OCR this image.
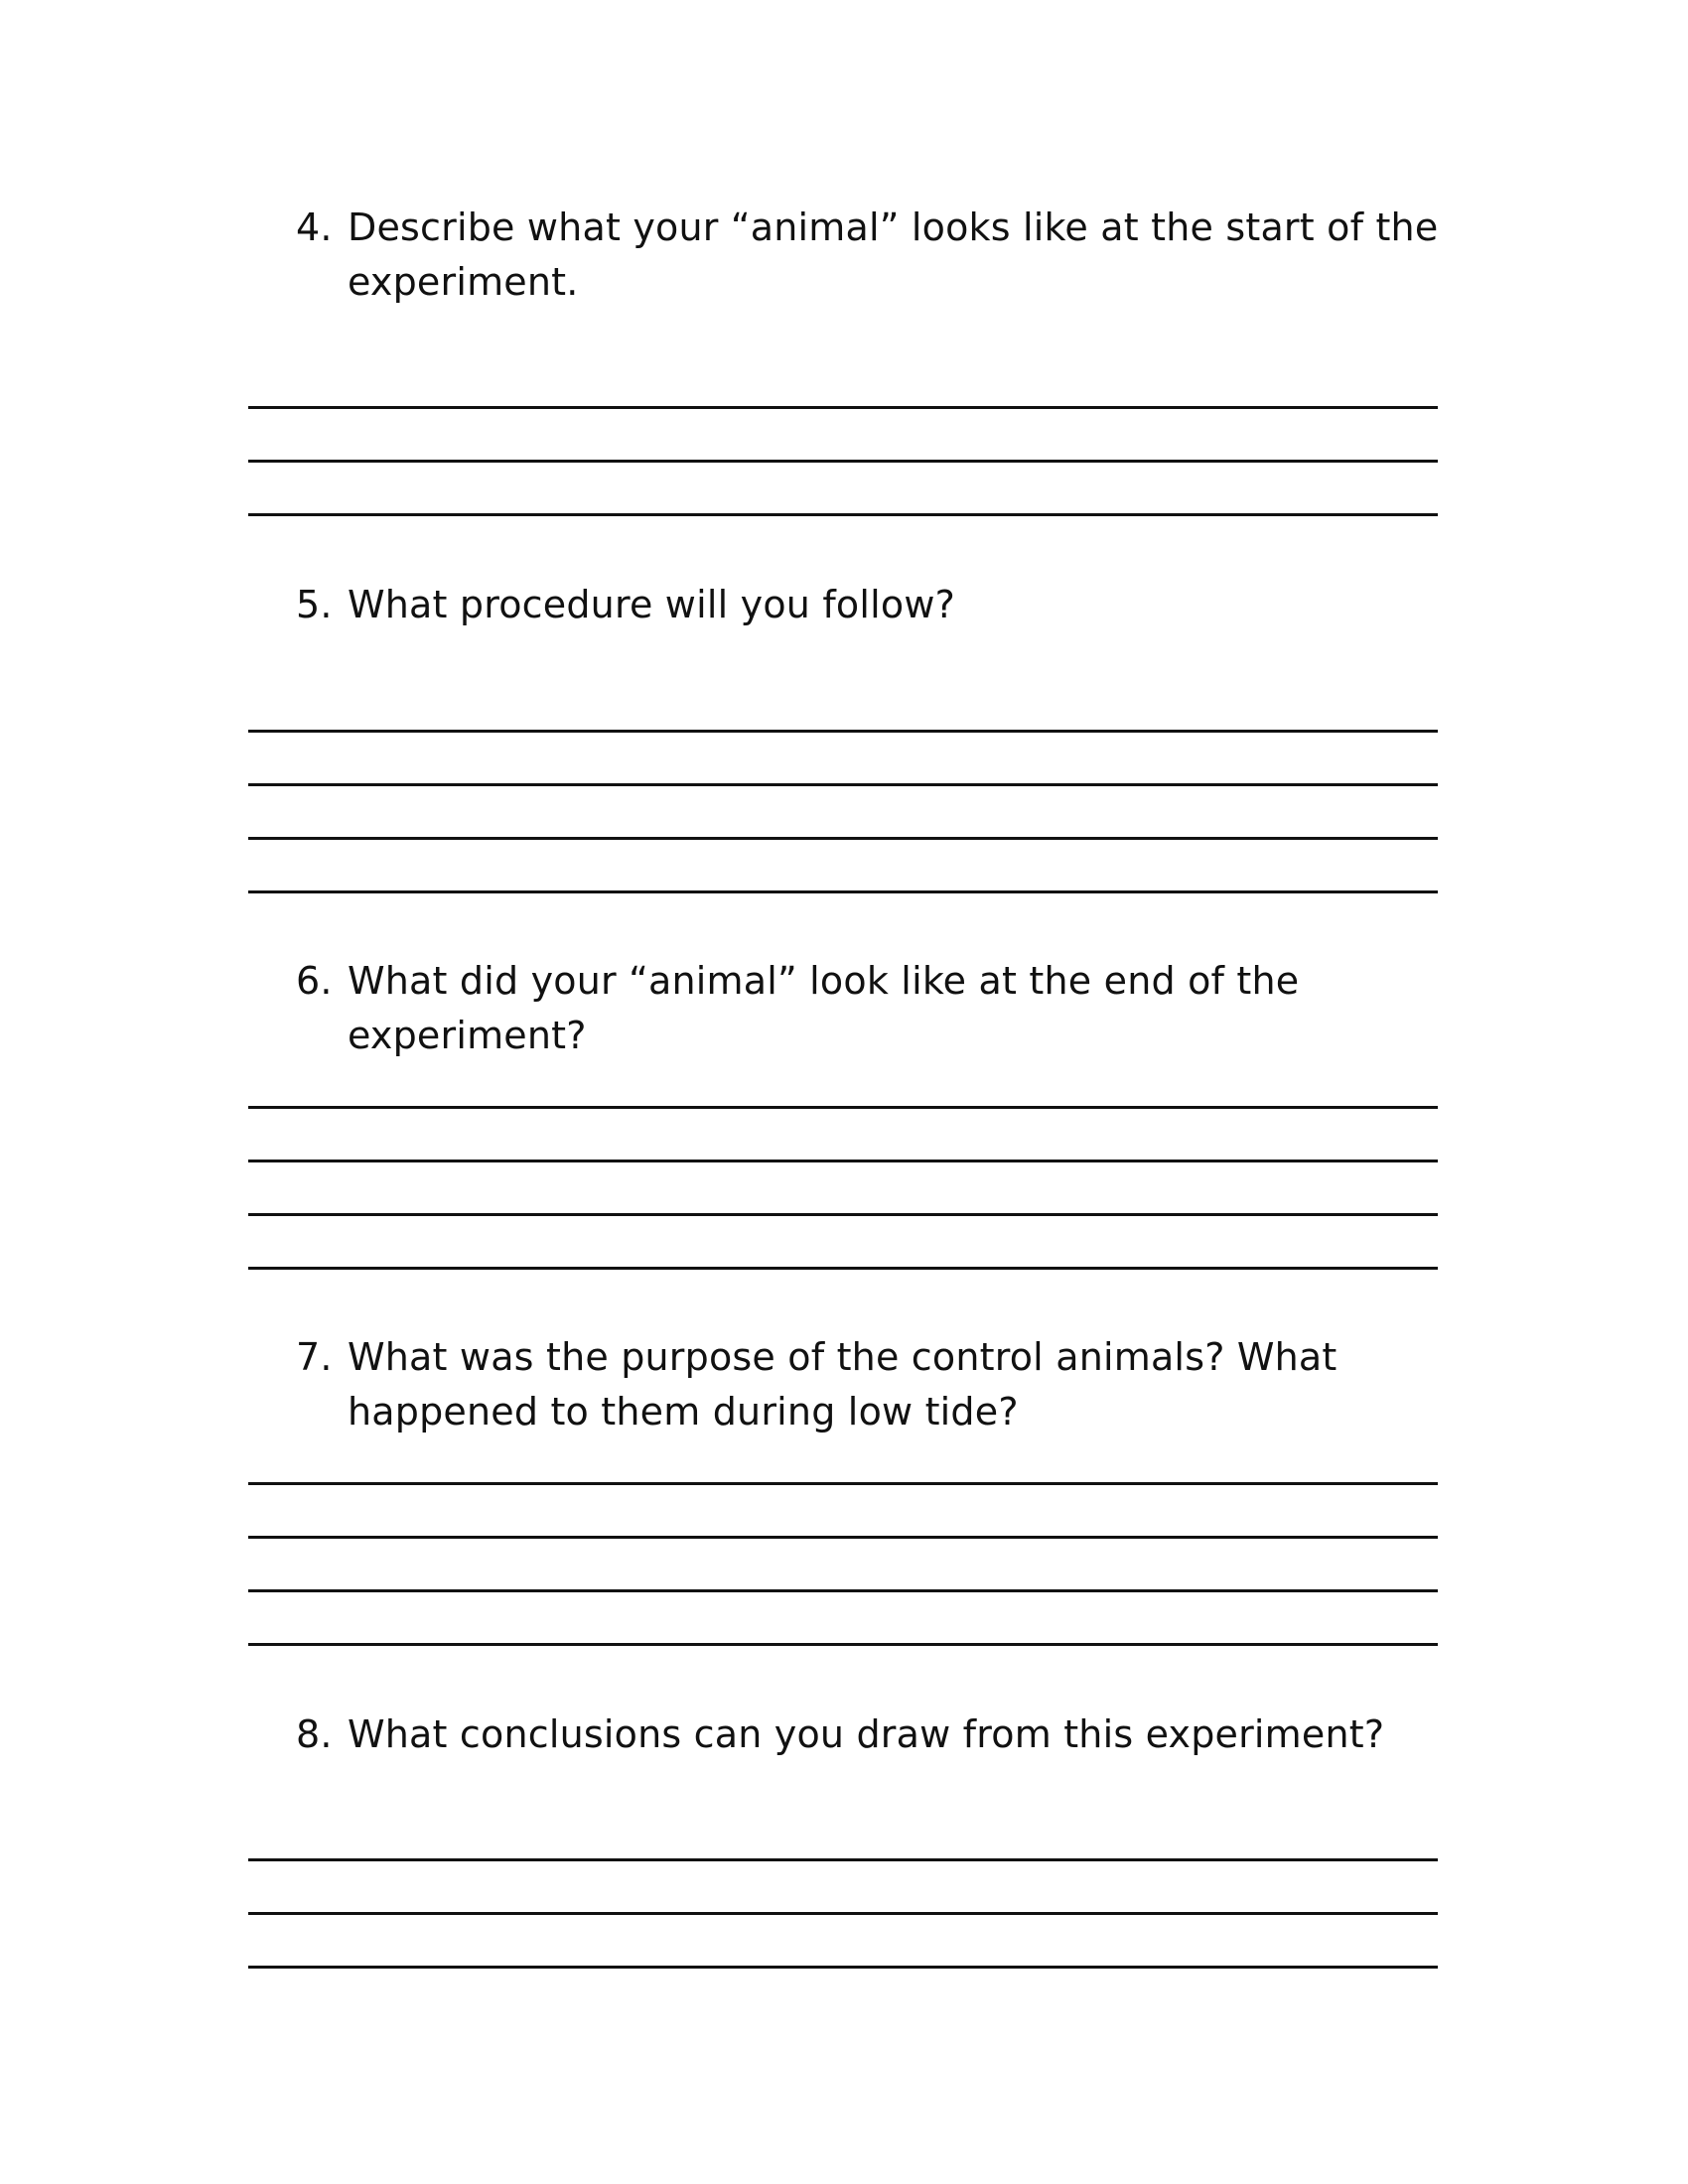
4. Describe what your “animal” looks like at the start of the experiment.
5. What procedure will you follow?
6. What did your “animal” look like at the end of the experiment?
7. What was the purpose of the control animals? What happened to them during low tide?
8. What conclusions can you draw from this experiment?
